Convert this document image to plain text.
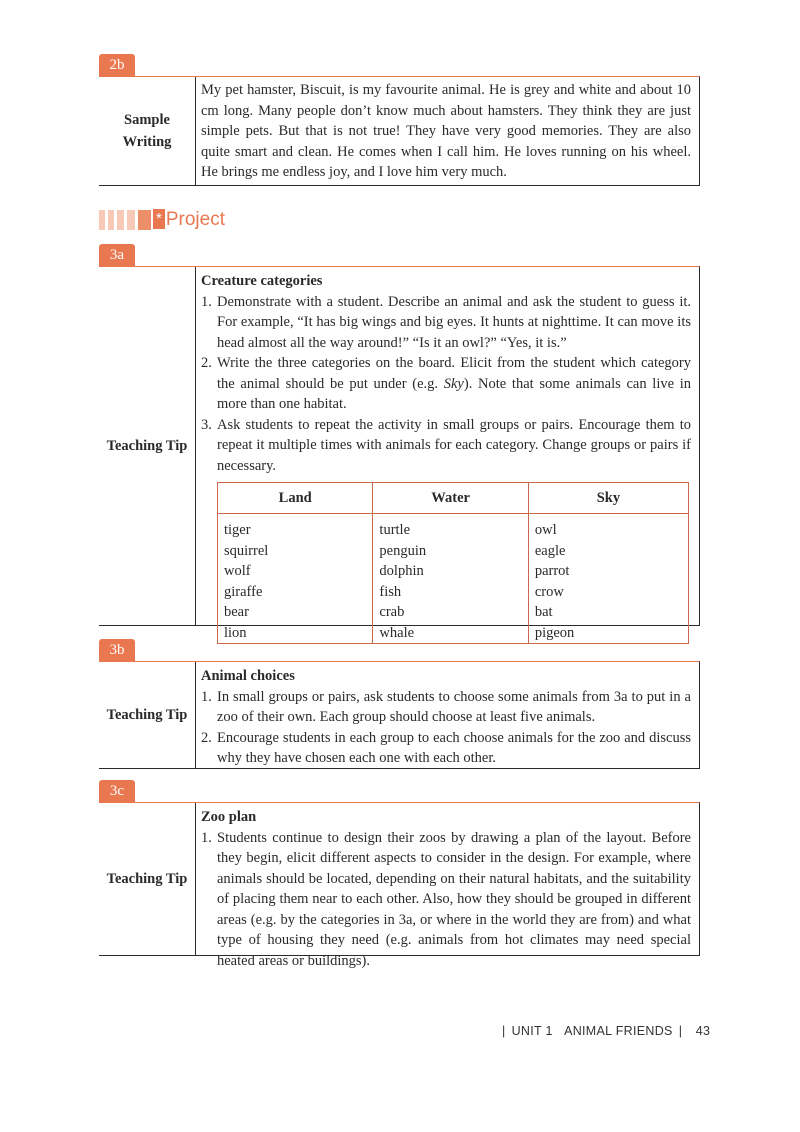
2b
Sample
Writing
My pet hamster, Biscuit, is my favourite animal. He is grey and white and about 10 cm long. Many people don’t know much about hamsters. They think they are just simple pets. But that is not true! They have very good memories. They are also quite smart and clean. He comes when I call him. He loves running on his wheel. He brings me endless joy, and I love him very much.
* Project
3a
Teaching Tip
Creature categories
1. Demonstrate with a student. Describe an animal and ask the student to guess it. For example, “It has big wings and big eyes. It hunts at nighttime. It can move its head almost all the way around!” “Is it an owl?” “Yes, it is.”
2. Write the three categories on the board. Elicit from the student which category the animal should be put under (e.g. Sky). Note that some animals can live in more than one habitat.
3. Ask students to repeat the activity in small groups or pairs. Encourage them to repeat it multiple times with animals for each category. Change groups or pairs if necessary.
Land	Water	Sky
tiger	turtle	owl
squirrel	penguin	eagle
wolf	dolphin	parrot
giraffe	fish	crow
bear	crab	bat
lion	whale	pigeon
3b
Teaching Tip
Animal choices
1. In small groups or pairs, ask students to choose some animals from 3a to put in a zoo of their own. Each group should choose at least five animals.
2. Encourage students in each group to each choose animals for the zoo and discuss why they have chosen each one with each other.
3c
Teaching Tip
Zoo plan
1. Students continue to design their zoos by drawing a plan of the layout. Before they begin, elicit different aspects to consider in the design. For example, where animals should be located, depending on their natural habitats, and the suitability of placing them near to each other. Also, how they should be grouped in different areas (e.g. by the categories in 3a, or where in the world they are from) and what type of housing they need (e.g. animals from hot climates may need special heated areas or buildings).
| UNIT 1 ANIMAL FRIENDS | 43
